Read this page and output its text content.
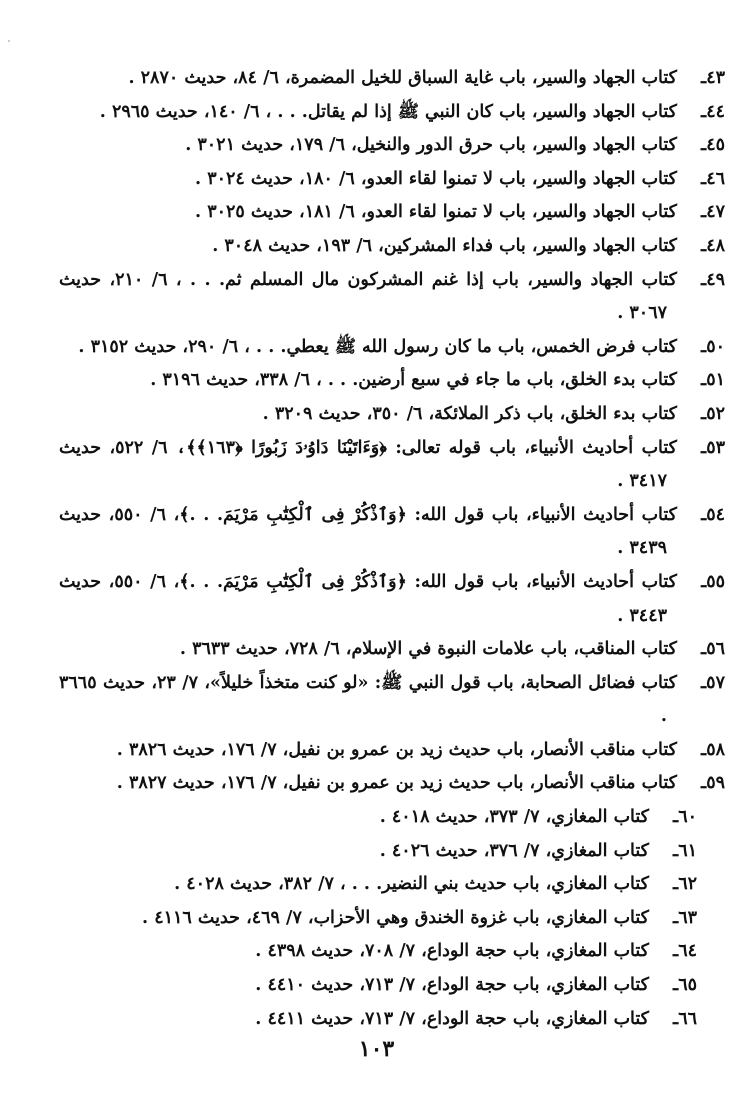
٤٣ـكتاب الجهاد والسير، باب غاية السباق للخيل المضمرة، ٦/ ٨٤، حديث ٢٨٧٠ .
٤٤ـكتاب الجهاد والسير، باب كان النبي ﷺ إذا لم يقاتل. . . ، ٦/ ١٤٠، حديث ٢٩٦٥ .
٤٥ـكتاب الجهاد والسير، باب حرق الدور والنخيل، ٦/ ١٧٩، حديث ٣٠٢١ .
٤٦ـكتاب الجهاد والسير، باب لا تمنوا لقاء العدو، ٦/ ١٨٠، حديث ٣٠٢٤ .
٤٧ـكتاب الجهاد والسير، باب لا تمنوا لقاء العدو، ٦/ ١٨١، حديث ٣٠٢٥ .
٤٨ـكتاب الجهاد والسير، باب فداء المشركين، ٦/ ١٩٣، حديث ٣٠٤٨ .
٤٩ـكتاب الجهاد والسير، باب إذا غنم المشركون مال المسلم ثم. . . ، ٦/ ٢١٠، حديث ٣٠٦٧ .
٥٠ـكتاب فرض الخمس، باب ما كان رسول الله ﷺ يعطي. . . ، ٦/ ٢٩٠، حديث ٣١٥٢ .
٥١ـكتاب بدء الخلق، باب ما جاء في سبع أرضين. . . ، ٦/ ٣٣٨، حديث ٣١٩٦ .
٥٢ـكتاب بدء الخلق، باب ذكر الملائكة، ٦/ ٣٥٠، حديث ٣٢٠٩ .
٥٣ـكتاب أحاديث الأنبياء، باب قوله تعالى: ﴿وَءَاتَيْنَا دَاوُۥدَ زَبُورًا ﴿١٦٣﴾﴾، ٦/ ٥٢٢، حديث ٣٤١٧ .
٥٤ـكتاب أحاديث الأنبياء، باب قول الله: ﴿وَٱذْكُرْ فِى ٱلْكِتَٰبِ مَرْيَمَ. . .﴾، ٦/ ٥٥٠، حديث ٣٤٣٩ .
٥٥ـكتاب أحاديث الأنبياء، باب قول الله: ﴿وَٱذْكُرْ فِى ٱلْكِتَٰبِ مَرْيَمَ. . .﴾، ٦/ ٥٥٠، حديث ٣٤٤٣ .
٥٦ـكتاب المناقب، باب علامات النبوة في الإسلام، ٦/ ٧٢٨، حديث ٣٦٣٣ .
٥٧ـكتاب فضائل الصحابة، باب قول النبي ﷺ: «لو كنت متخذاً خليلاً»، ٧/ ٢٣، حديث ٣٦٦٥ .
٥٨ـكتاب مناقب الأنصار، باب حديث زيد بن عمرو بن نفيل، ٧/ ١٧٦، حديث ٣٨٢٦ .
٥٩ـكتاب مناقب الأنصار، باب حديث زيد بن عمرو بن نفيل، ٧/ ١٧٦، حديث ٣٨٢٧ .
٦٠ـكتاب المغازي، ٧/ ٣٧٣، حديث ٤٠١٨ .
٦١ـكتاب المغازي، ٧/ ٣٧٦، حديث ٤٠٢٦ .
٦٢ـكتاب المغازي، باب حديث بني النضير. . . ، ٧/ ٣٨٢، حديث ٤٠٢٨ .
٦٣ـكتاب المغازي، باب غزوة الخندق وهي الأحزاب، ٧/ ٤٦٩، حديث ٤١١٦ .
٦٤ـكتاب المغازي، باب حجة الوداع، ٧/ ٧٠٨، حديث ٤٣٩٨ .
٦٥ـكتاب المغازي، باب حجة الوداع، ٧/ ٧١٣، حديث ٤٤١٠ .
٦٦ـكتاب المغازي، باب حجة الوداع، ٧/ ٧١٣، حديث ٤٤١١ .
١٠٣
